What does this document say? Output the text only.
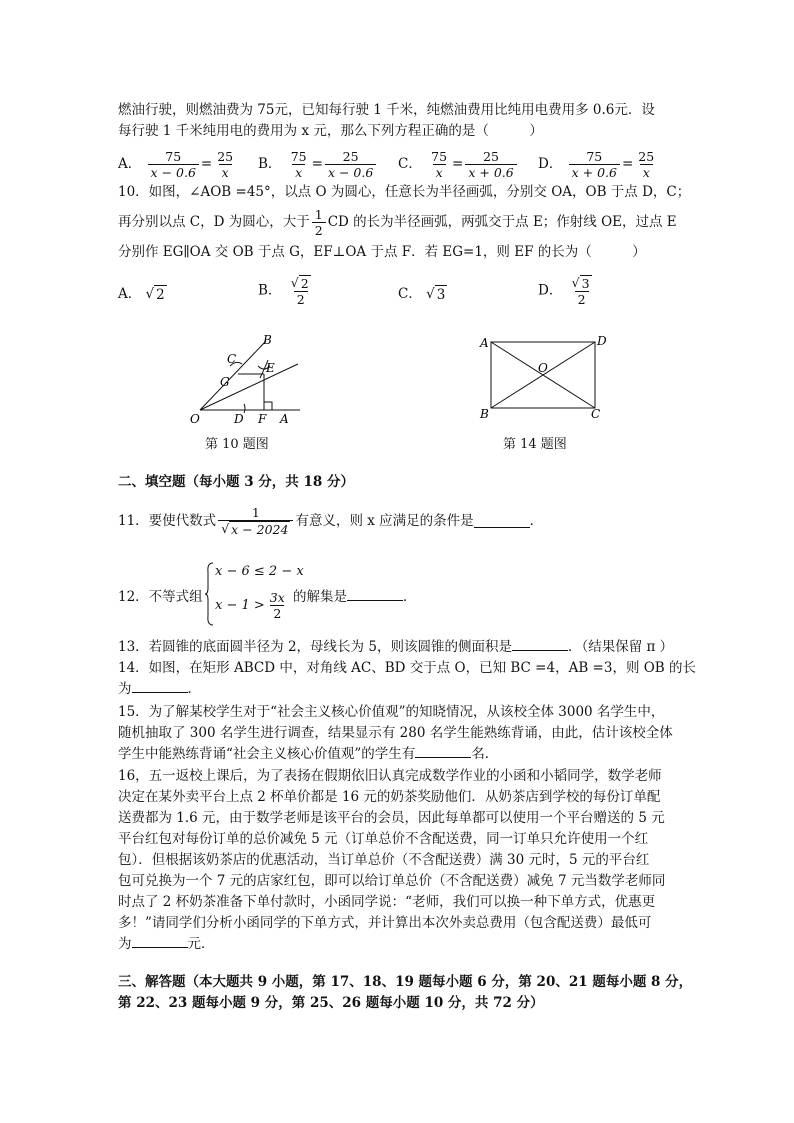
燃油行驶，则燃油费为 75元，已知每行驶 1 千米，纯燃油费用比纯用电费用多 0.6元．设
每行驶 1 千米纯用电的费用为 x 元，那么下列方程正确的是（　　　）
A． $\frac{75}{x - 0.6} = \frac{25}{x}$ B． $\frac{75}{x} = \frac{25}{x - 0.6}$ C． $\frac{75}{x} = \frac{25}{x + 0.6}$ D． $\frac{75}{x + 0.6} = \frac{25}{x}$
10．如图，∠AOB =45°，以点 O 为圆心，任意长为半径画弧，分别交 OA，OB 于点 D，C；
再分别以点 C，D 为圆心，大于 $\frac{1}{2}$ CD 的长为半径画弧，两弧交于点 E；作射线 OE，过点 E
分别作 EG∥OA 交 OB 于点 G，EF⊥OA 于点 F．若 EG=1，则 EF 的长为（　　　）
A． √ 2	B． $\frac{√ 2}{2}$	C． √ 3	D． $\frac{√ 3}{2}$
B
C
E
G
O	D F A
第 10 题图
A	D
O
B	C
第 14 题图
二、填空题（每小题 3 分，共 18 分）
11．要使代数式 $\frac{1}{√ x - 2024}$ 有意义，则 x 应满足的条件是	．
12．不等式组
x − 6 ≤ 2 − x
$x - 1 > \frac{3x}{2}$ 的解集是	．
13．若圆锥的底面圆半径为 2，母线长为 5，则该圆锥的侧面积是	．（结果保留 π ）
14．如图，在矩形 ABCD 中，对角线 AC、BD 交于点 O，已知 BC =4，AB =3，则 OB 的长
为	．
15．为了解某校学生对于“社会主义核心价值观”的知晓情况，从该校全体 3000 名学生中，
随机抽取了 300 名学生进行调查，结果显示有 280 名学生能熟练背诵，由此，估计该校全体
学生中能熟练背诵“社会主义核心价值观”的学生有	名．
16，五一返校上课后，为了表扬在假期依旧认真完成数学作业的小函和小韬同学，数学老师
决定在某外卖平台上点 2 杯单价都是 16 元的奶茶奖励他们．从奶茶店到学校的每份订单配
送费都为 1.6 元，由于数学老师是该平台的会员，因此每单都可以使用一个平台赠送的 5 元
平台红包对每份订单的总价减免 5 元（订单总价不含配送费，同一订单只允许使用一个红
包）．但根据该奶茶店的优惠活动，当订单总价（不含配送费）满 30 元时，5 元的平台红
包可兑换为一个 7 元的店家红包，即可以给订单总价（不含配送费）减免 7 元当数学老师同
时点了 2 杯奶茶准备下单付款时，小函同学说：“老师，我们可以换一种下单方式，优惠更
多！”请同学们分析小函同学的下单方式，并计算出本次外卖总费用（包含配送费）最低可
为	元．
三、解答题（本大题共 9 小题，第 17、18、19 题每小题 6 分，第 20、21 题每小题 8 分，
第 22、23 题每小题 9 分，第 25、26 题每小题 10 分，共 72 分）
